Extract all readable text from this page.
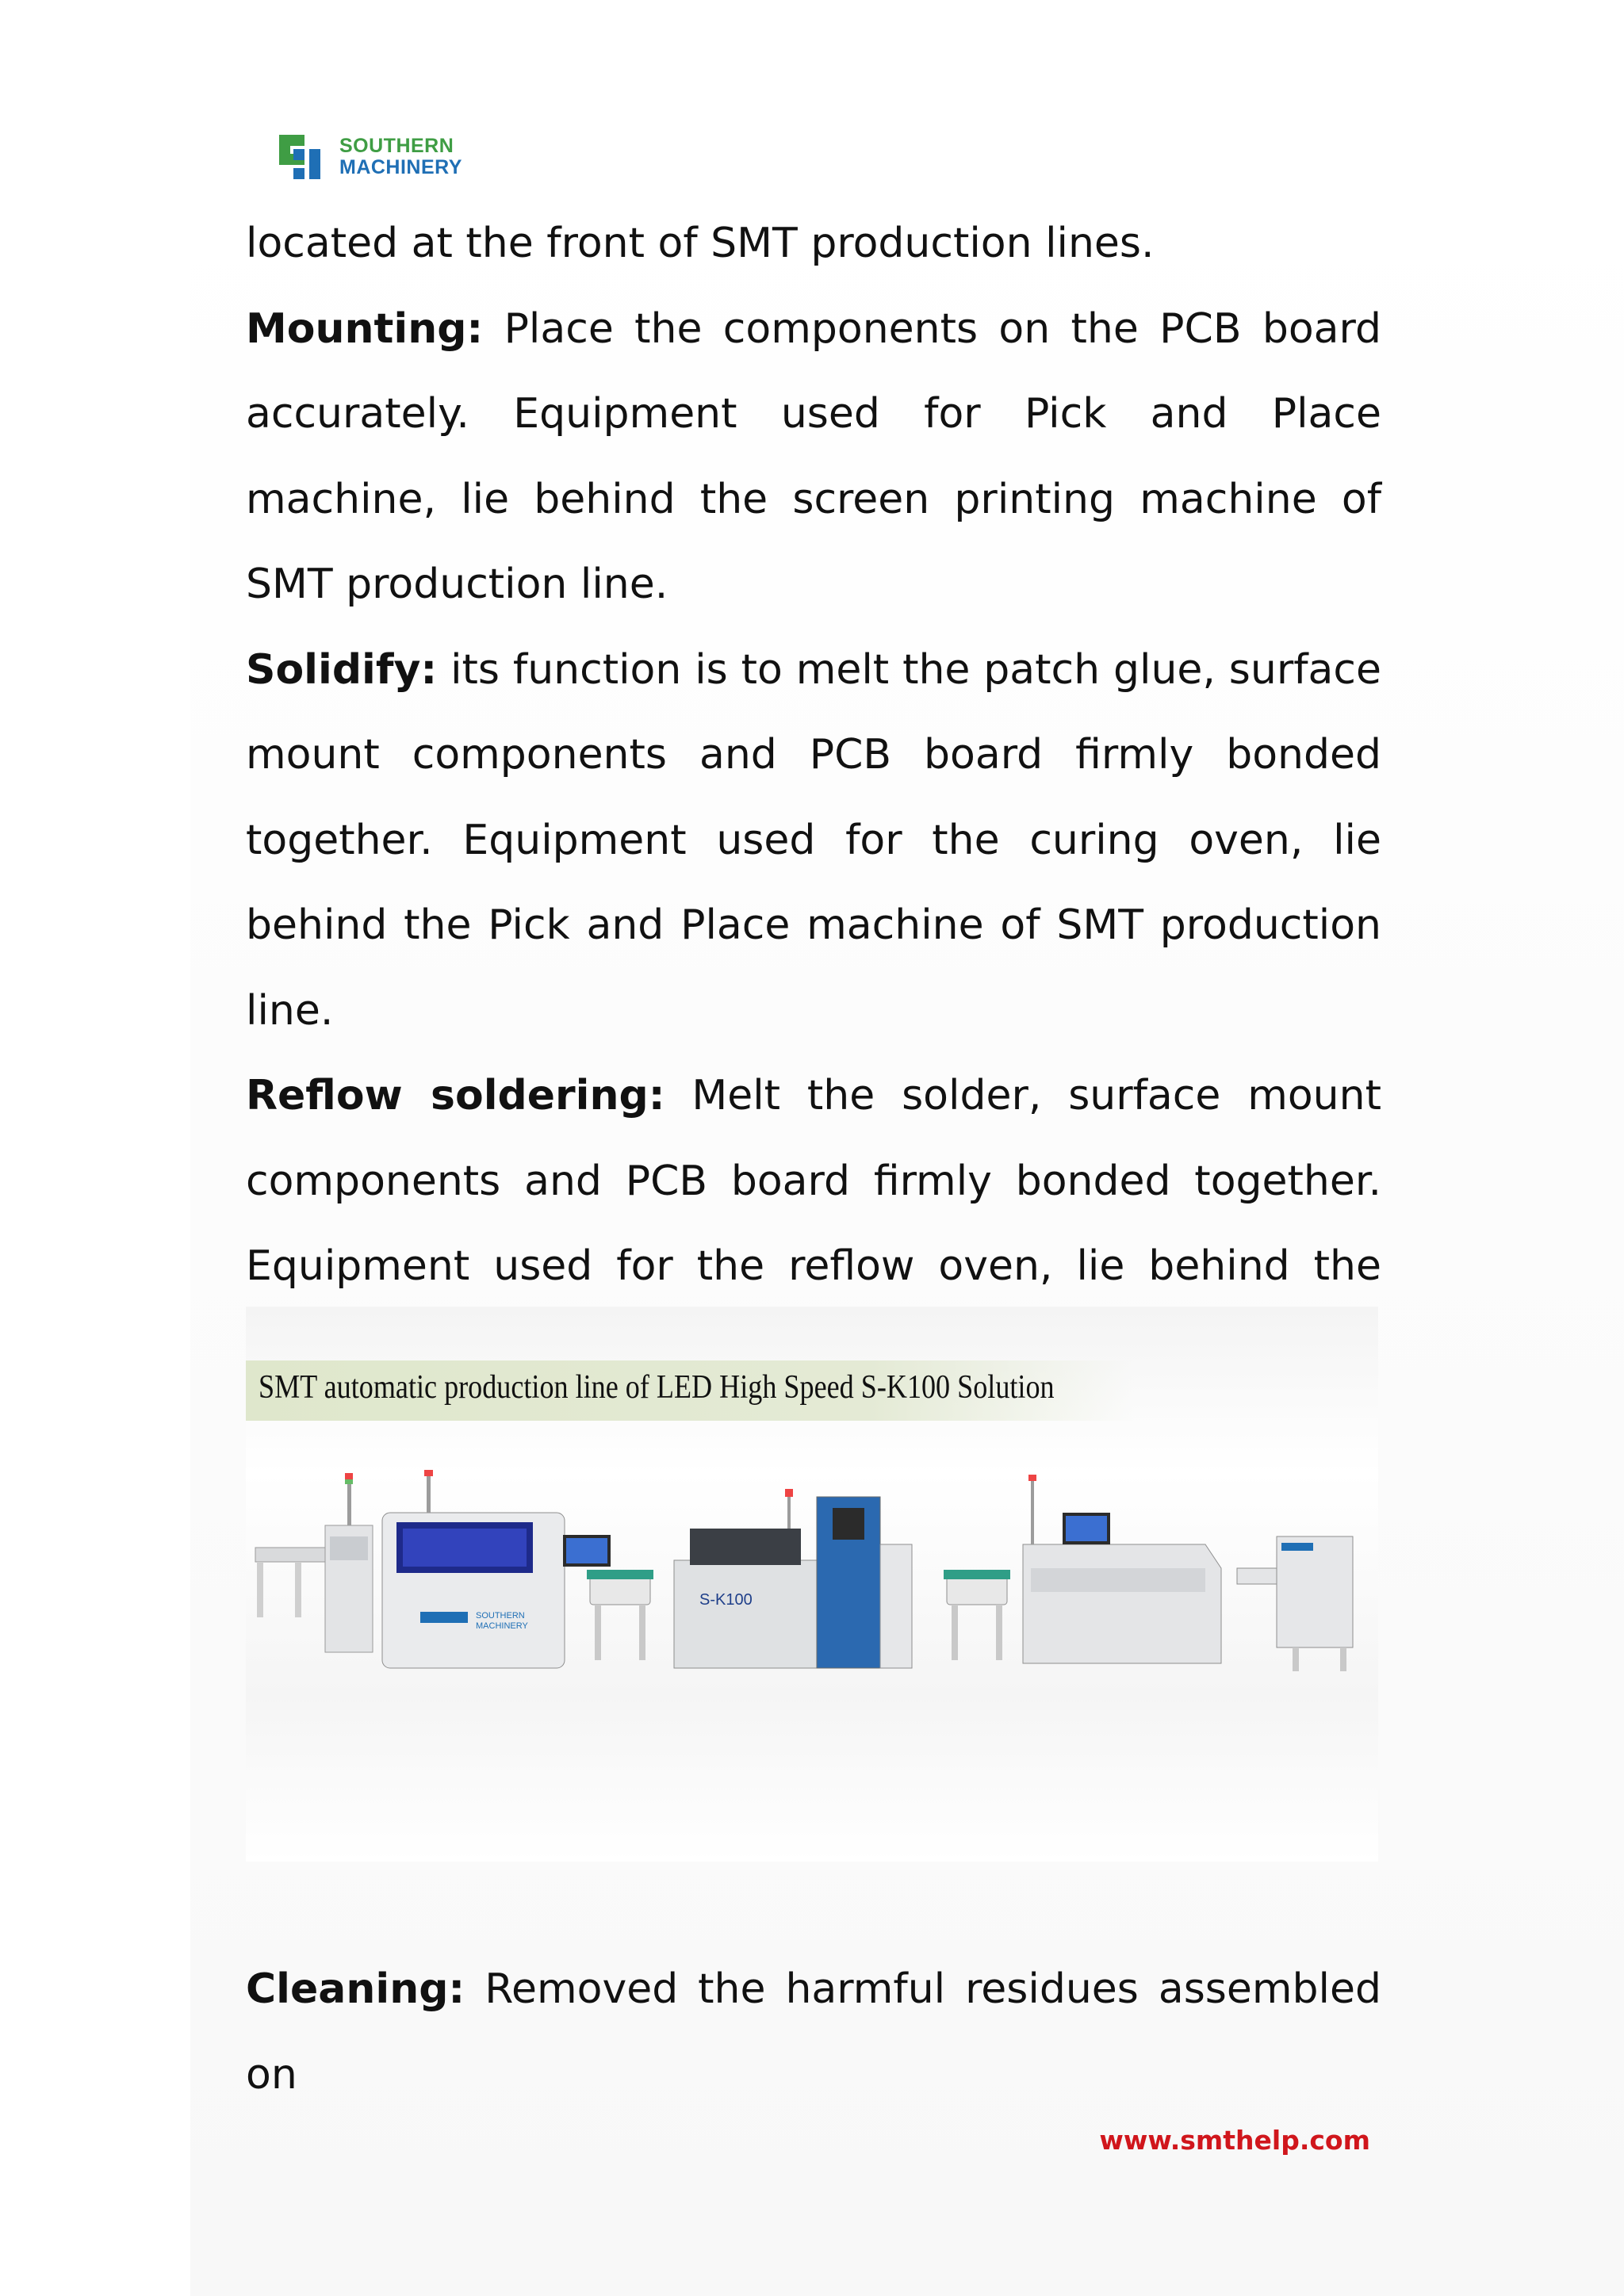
SOUTHERN
MACHINERY

located at the front of SMT production lines.

Mounting: Place the components on the PCB board accurately. Equipment used for Pick and Place machine, lie behind the screen printing machine of SMT production line.

Solidify: its function is to melt the patch glue, surface mount components and PCB board firmly bonded together. Equipment used for the curing oven, lie behind the Pick and Place machine of SMT production line.

Reflow soldering: Melt the solder, surface mount components and PCB board firmly bonded together. Equipment used for the reflow oven, lie behind the

SMT automatic production line of LED High Speed S-K100 Solution
SOUTHERN
MACHINERY
S-K100

Cleaning: Removed the harmful residues assembled on

www.smthelp.com
